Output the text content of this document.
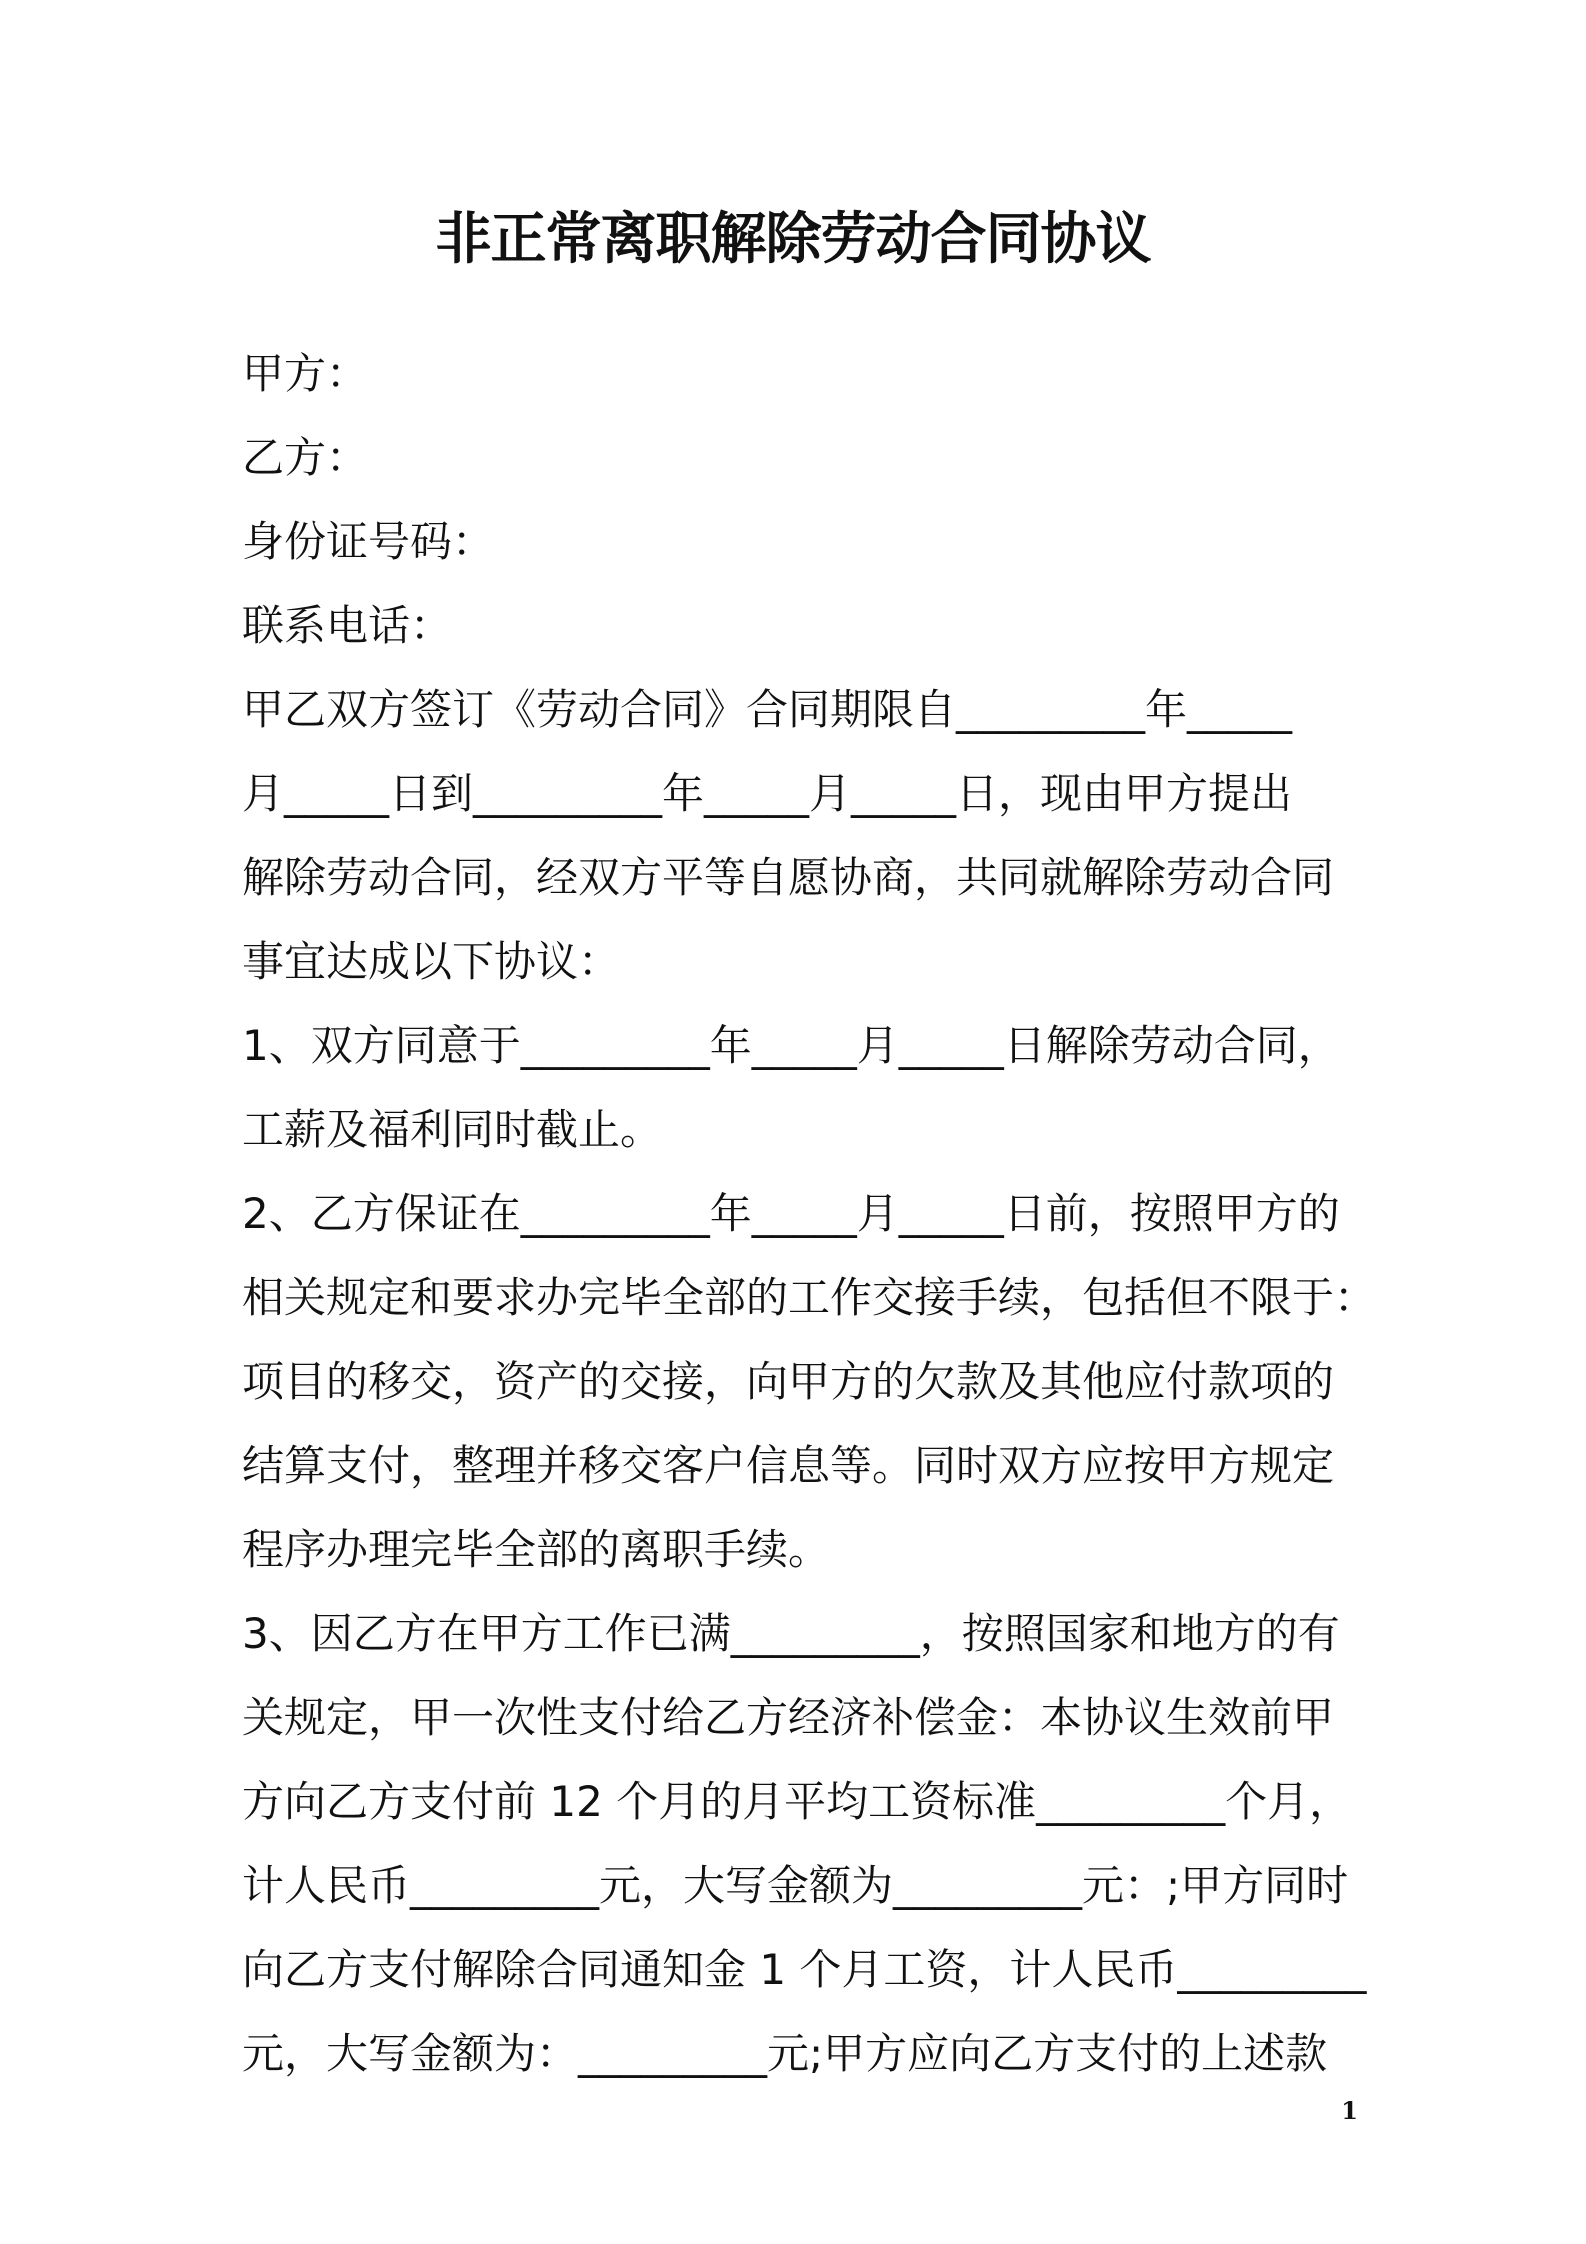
非正常离职解除劳动合同协议
甲方：
乙方：
身份证号码：
联系电话：
甲乙双方签订《劳动合同》合同期限自_________年_____
月_____日到_________年_____月_____日，现由甲方提出
解除劳动合同，经双方平等自愿协商，共同就解除劳动合同
事宜达成以下协议：
1、双方同意于_________年_____月_____日解除劳动合同，
工薪及福利同时截止。
2、乙方保证在_________年_____月_____日前，按照甲方的
相关规定和要求办完毕全部的工作交接手续，包括但不限于：
项目的移交，资产的交接，向甲方的欠款及其他应付款项的
结算支付，整理并移交客户信息等。同时双方应按甲方规定
程序办理完毕全部的离职手续。
3、因乙方在甲方工作已满_________，按照国家和地方的有
关规定，甲一次性支付给乙方经济补偿金：本协议生效前甲
方向乙方支付前 12 个月的月平均工资标准_________个月，
计人民币_________元，大写金额为_________元：;甲方同时
向乙方支付解除合同通知金 1 个月工资，计人民币_________
元，大写金额为：_________元;甲方应向乙方支付的上述款
1
